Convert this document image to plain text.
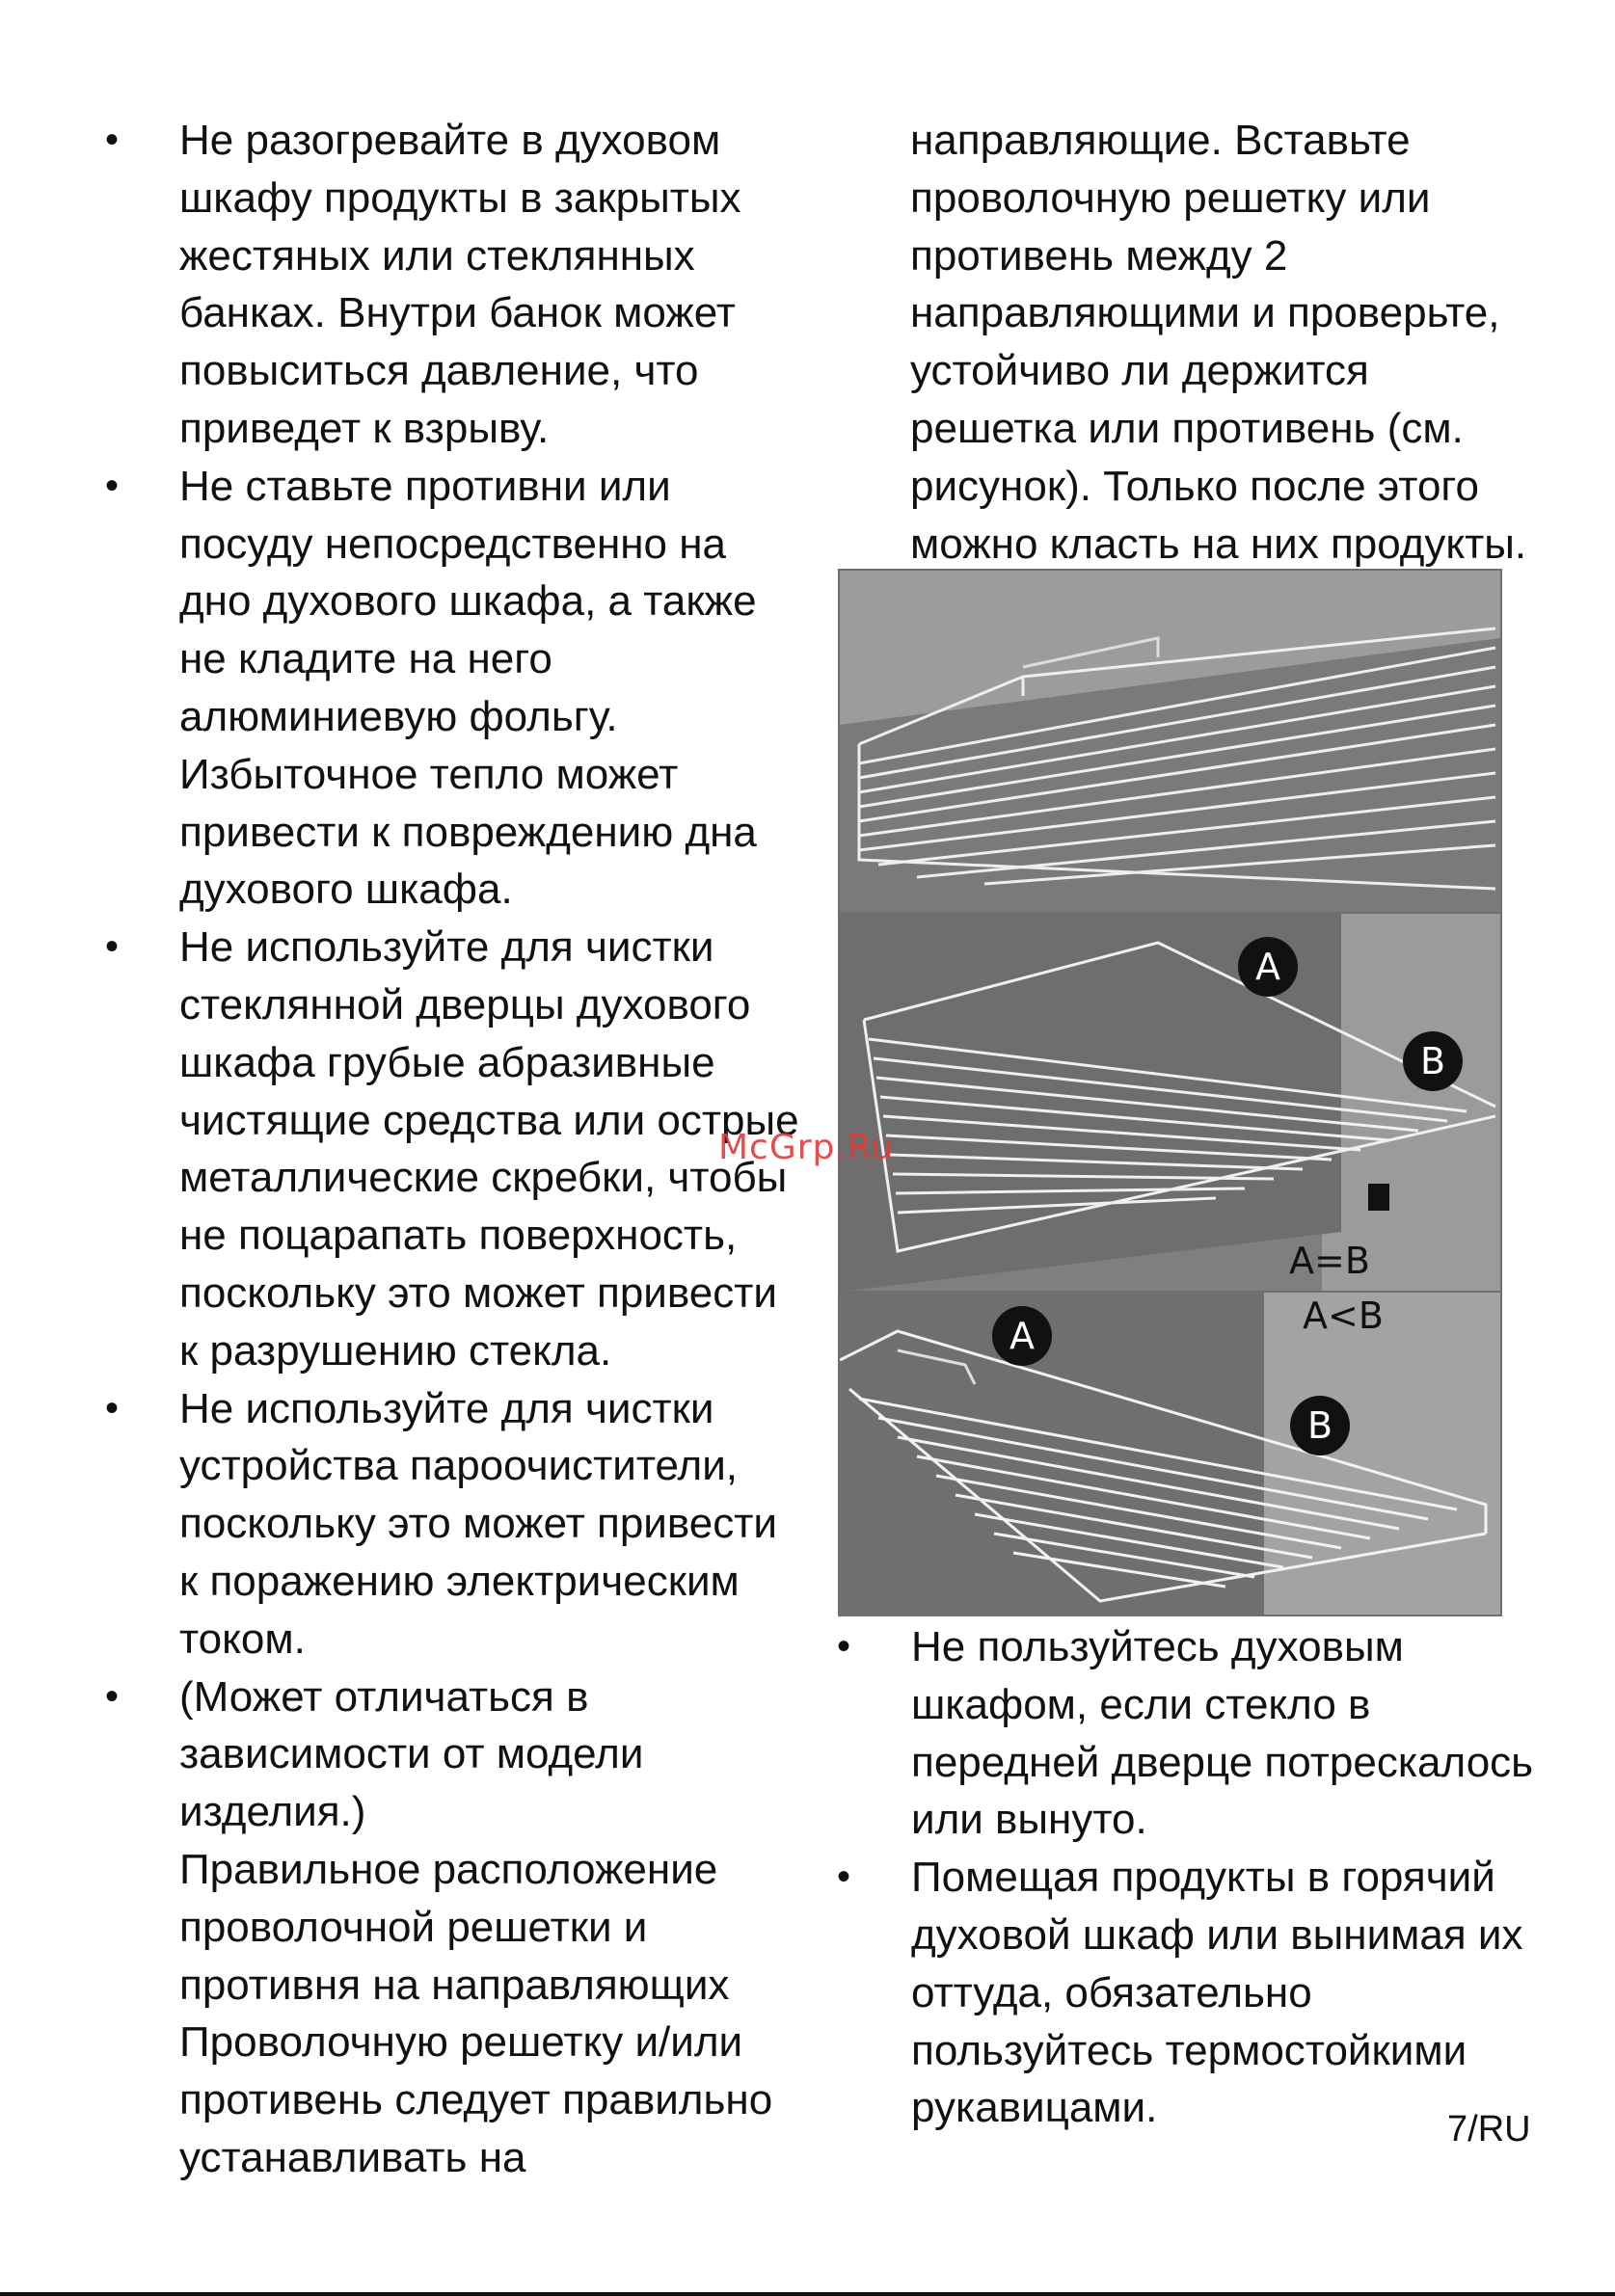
• Не разогревайте в духовом
шкафу продукты в закрытых
жестяных или стеклянных
банках. Внутри банок может
повыситься давление, что
приведет к взрыву.
• Не ставьте противни или
посуду непосредственно на
дно духового шкафа, а также
не кладите на него
алюминиевую фольгу.
Избыточное тепло может
привести к повреждению дна
духового шкафа.
• Не используйте для чистки
стеклянной дверцы духового
шкафа грубые абразивные
чистящие средства или острые
металлические скребки, чтобы
не поцарапать поверхность,
поскольку это может привести
к разрушению стекла.
• Не используйте для чистки
устройства пароочистители,
поскольку это может привести
к поражению электрическим
током.
• (Может отличаться в
зависимости от модели
изделия.)
Правильное расположение
проволочной решетки и
противня на направляющих
Проволочную решетку и/или
противень следует правильно
устанавливать на
направляющие. Вставьте
проволочную решетку или
противень между 2
направляющими и проверьте,
устойчиво ли держится
решетка или противень (см.
рисунок). Только после этого
можно класть на них продукты.
A
B
A=B
A
B
A<B
• Не пользуйтесь духовым
шкафом, если стекло в
передней дверце потрескалось
или вынуто.
• Помещая продукты в горячий
духовой шкаф или вынимая их
оттуда, обязательно
пользуйтесь термостойкими
рукавицами.
McGrp.Ru
7/RU
